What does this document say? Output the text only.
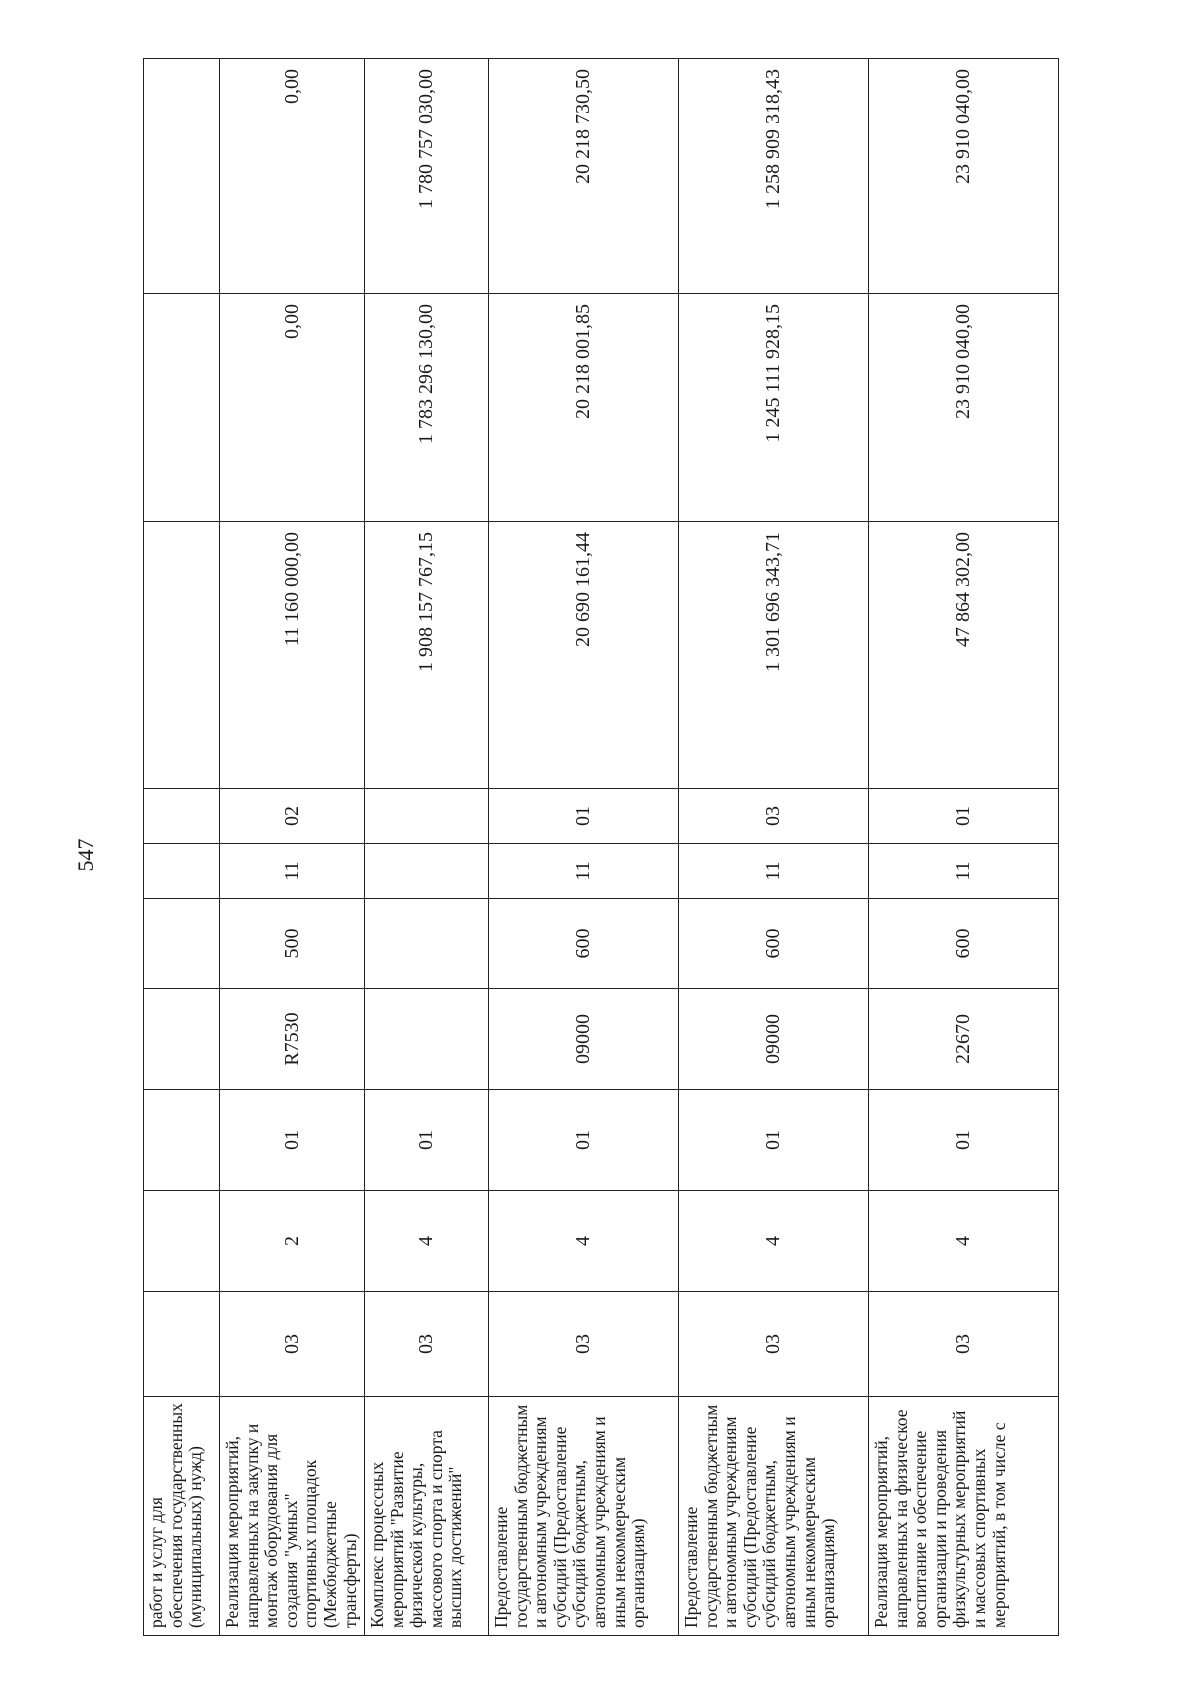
547
работ и услуг для обеспечения государственных (муниципальных) нужд)										
Реализация мероприятий, направленных на закупку и монтаж оборудования для создания "умных" спортивных площадок (Межбюджетные трансферты)	03	2	01	R7530	500	11	02	11 160 000,00	0,00	0,00
Комплекс процессных мероприятий "Развитие физической культуры, массового спорта и спорта высших достижений"	03	4	01					1 908 157 767,15	1 783 296 130,00	1 780 757 030,00
Предоставление государственным бюджетным и автономным учреждениям субсидий (Предоставление субсидий бюджетным, автономным учреждениям и иным некоммерческим организациям)	03	4	01	09000	600	11	01	20 690 161,44	20 218 001,85	20 218 730,50
Предоставление государственным бюджетным и автономным учреждениям субсидий (Предоставление субсидий бюджетным, автономным учреждениям и иным некоммерческим организациям)	03	4	01	09000	600	11	03	1 301 696 343,71	1 245 111 928,15	1 258 909 318,43
Реализация мероприятий, направленных на физическое воспитание и обеспечение организации и проведения физкультурных мероприятий и массовых спортивных мероприятий, в том числе с	03	4	01	22670	600	11	01	47 864 302,00	23 910 040,00	23 910 040,00
